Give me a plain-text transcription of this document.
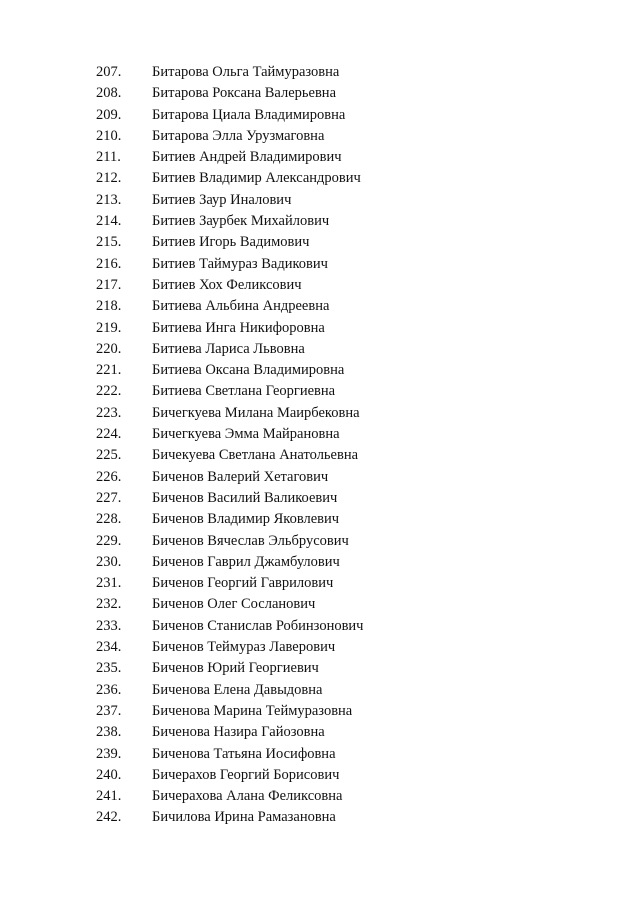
207.	Битарова Ольга Таймуразовна
208.	Битарова Роксана Валерьевна
209.	Битарова Циала Владимировна
210.	Битарова Элла Урузмаговна
211.	Битиев Андрей Владимирович
212.	Битиев Владимир Александрович
213.	Битиев Заур Иналович
214.	Битиев Заурбек Михайлович
215.	Битиев Игорь Вадимович
216.	Битиев Таймураз Вадикович
217.	Битиев Хох Феликсович
218.	Битиева Альбина Андреевна
219.	Битиева Инга Никифоровна
220.	Битиева Лариса Львовна
221.	Битиева Оксана Владимировна
222.	Битиева Светлана Георгиевна
223.	Бичегкуева Милана Маирбековна
224.	Бичегкуева Эмма Майрановна
225.	Бичекуева Светлана Анатольевна
226.	Биченов Валерий Хетагович
227.	Биченов Василий Валикоевич
228.	Биченов Владимир Яковлевич
229.	Биченов Вячеслав Эльбрусович
230.	Биченов Гаврил Джамбулович
231.	Биченов Георгий Гаврилович
232.	Биченов Олег Сосланович
233.	Биченов Станислав Робинзонович
234.	Биченов Теймураз Лаверович
235.	Биченов Юрий Георгиевич
236.	Биченова Елена Давыдовна
237.	Биченова Марина Теймуразовна
238.	Биченова Назира Гайозовна
239.	Биченова Татьяна Иосифовна
240.	Бичерахов Георгий Борисович
241.	Бичерахова Алана Феликсовна
242.	Бичилова Ирина Рамазановна
